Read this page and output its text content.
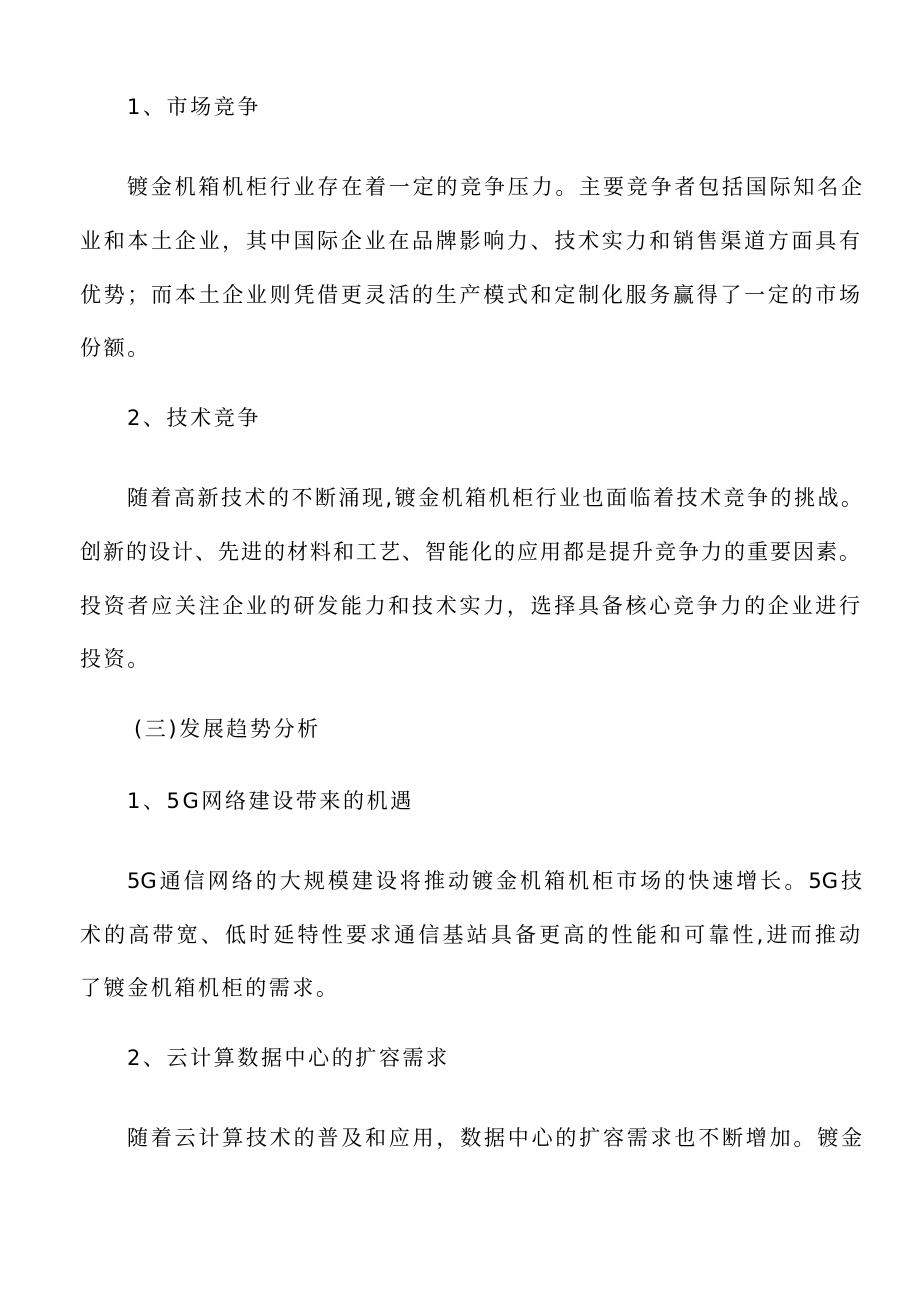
1、市场竞争
镀金机箱机柜行业存在着一定的竞争压力。主要竞争者包括国际知名企
业和本土企业，其中国际企业在品牌影响力、技术实力和销售渠道方面具有
优势；而本土企业则凭借更灵活的生产模式和定制化服务赢得了一定的市场
份额。
2、技术竞争
随着高新技术的不断涌现,镀金机箱机柜行业也面临着技术竞争的挑战。
创新的设计、先进的材料和工艺、智能化的应用都是提升竞争力的重要因素。
投资者应关注企业的研发能力和技术实力，选择具备核心竞争力的企业进行
投资。
(三)发展趋势分析
1、5G网络建设带来的机遇
5G通信网络的大规模建设将推动镀金机箱机柜市场的快速增长。5G技
术的高带宽、低时延特性要求通信基站具备更高的性能和可靠性,进而推动
了镀金机箱机柜的需求。
2、云计算数据中心的扩容需求
随着云计算技术的普及和应用，数据中心的扩容需求也不断增加。镀金
